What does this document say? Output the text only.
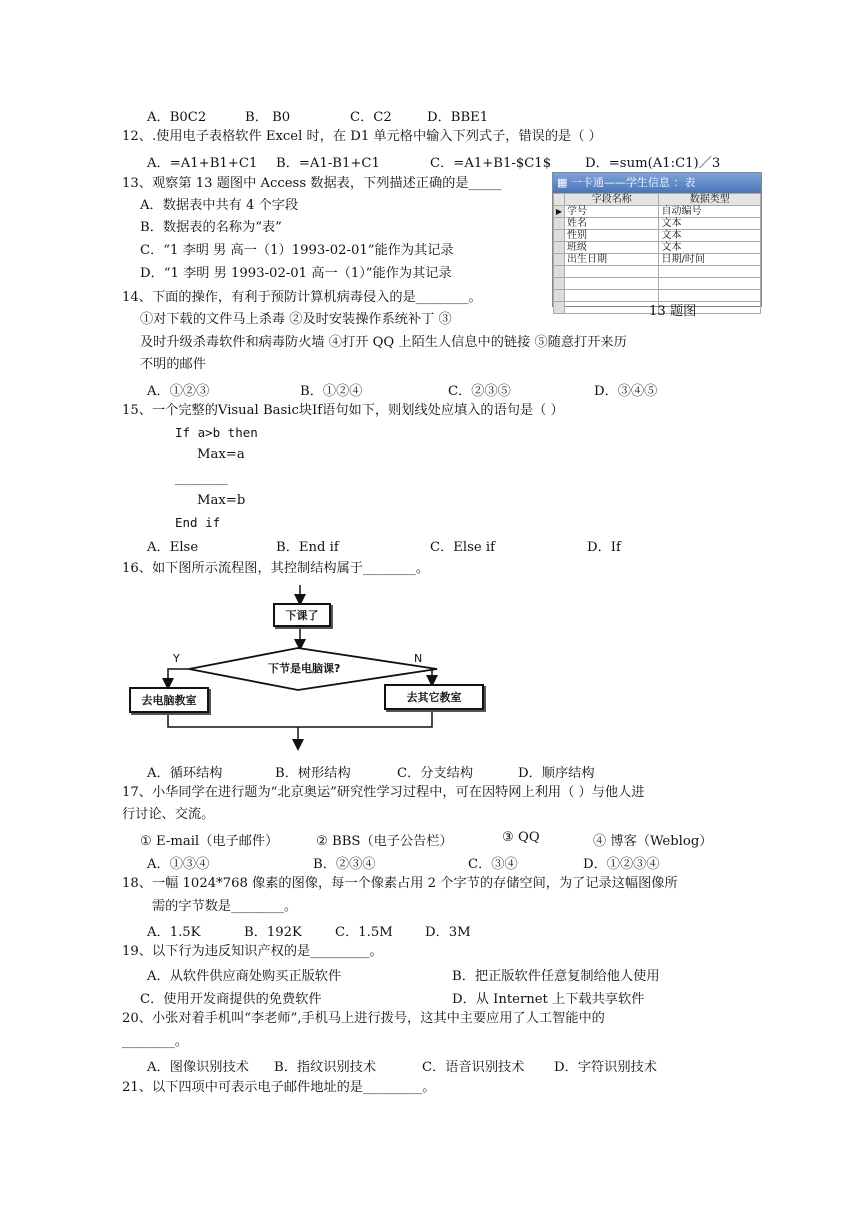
A．B0C2	B． B0	C．C2	D．BBE1
12、.使用电子表格软件 Excel 时，在 D1 单元格中输入下列式子，错误的是（ ）
A．=A1+B1+C1 B．=A1-B1+C1	C．=A1+B1-$C1$	D．=sum(A1:C1)／3
13、观察第 13 题图中 Access 数据表，下列描述正确的是_____
A．数据表中共有 4 个字段
B．数据表的名称为“表”
C．“1 李明 男 高一（1）1993-02-01”能作为其记录
D．“1 李明 男 1993-02-01 高一（1）”能作为其记录
▦ 一卡通——学生信息 ：表
	字段名称	数据类型
▶	学号	自动编号
	姓名	文本
	性别	文本
	班级	文本
	出生日期	日期/时间

13 题图
14、下面的操作，有利于预防计算机病毒侵入的是________。
①对下载的文件马上杀毒 ②及时安装操作系统补丁 ③
及时升级杀毒软件和病毒防火墙 ④打开 QQ 上陌生人信息中的链接 ⑤随意打开来历
不明的邮件
A．①②③	B．①②④	C．②③⑤	D．③④⑤
15、一个完整的Visual Basic块If语句如下，则划线处应填入的语句是（ ）
If a>b then
Max=a
________
Max=b
End if
A．Else	B．End if	C．Else if	D．If
16、如下图所示流程图，其控制结构属于________。
下课了
下节是电脑课?
Y	N
去电脑教室	去其它教室
A．循环结构	B．树形结构	C．分支结构	D．顺序结构
17、小华同学在进行题为“北京奥运”研究性学习过程中，可在因特网上利用（ ）与他人进
行讨论、交流。
① E-mail（电子邮件）	② BBS（电子公告栏）	③ QQ	④ 博客（Weblog）
A．①③④	B．②③④	C．③④	D．①②③④
18、一幅 1024*768 像素的图像，每一个像素占用 2 个字节的存储空间，为了记录这幅图像所
需的字节数是________。
A．1.5K	B．192K	C．1.5M D．3M
19、以下行为违反知识产权的是_________。
A．从软件供应商处购买正版软件	B．把正版软件任意复制给他人使用
C．使用开发商提供的免费软件	D．从 Internet 上下载共享软件
20、小张对着手机叫“李老师”,手机马上进行拨号，这其中主要应用了人工智能中的
________。
A．图像识别技术 B．指纹识别技术	C．语音识别技术 D．字符识别技术
21、以下四项中可表示电子邮件地址的是_________。
